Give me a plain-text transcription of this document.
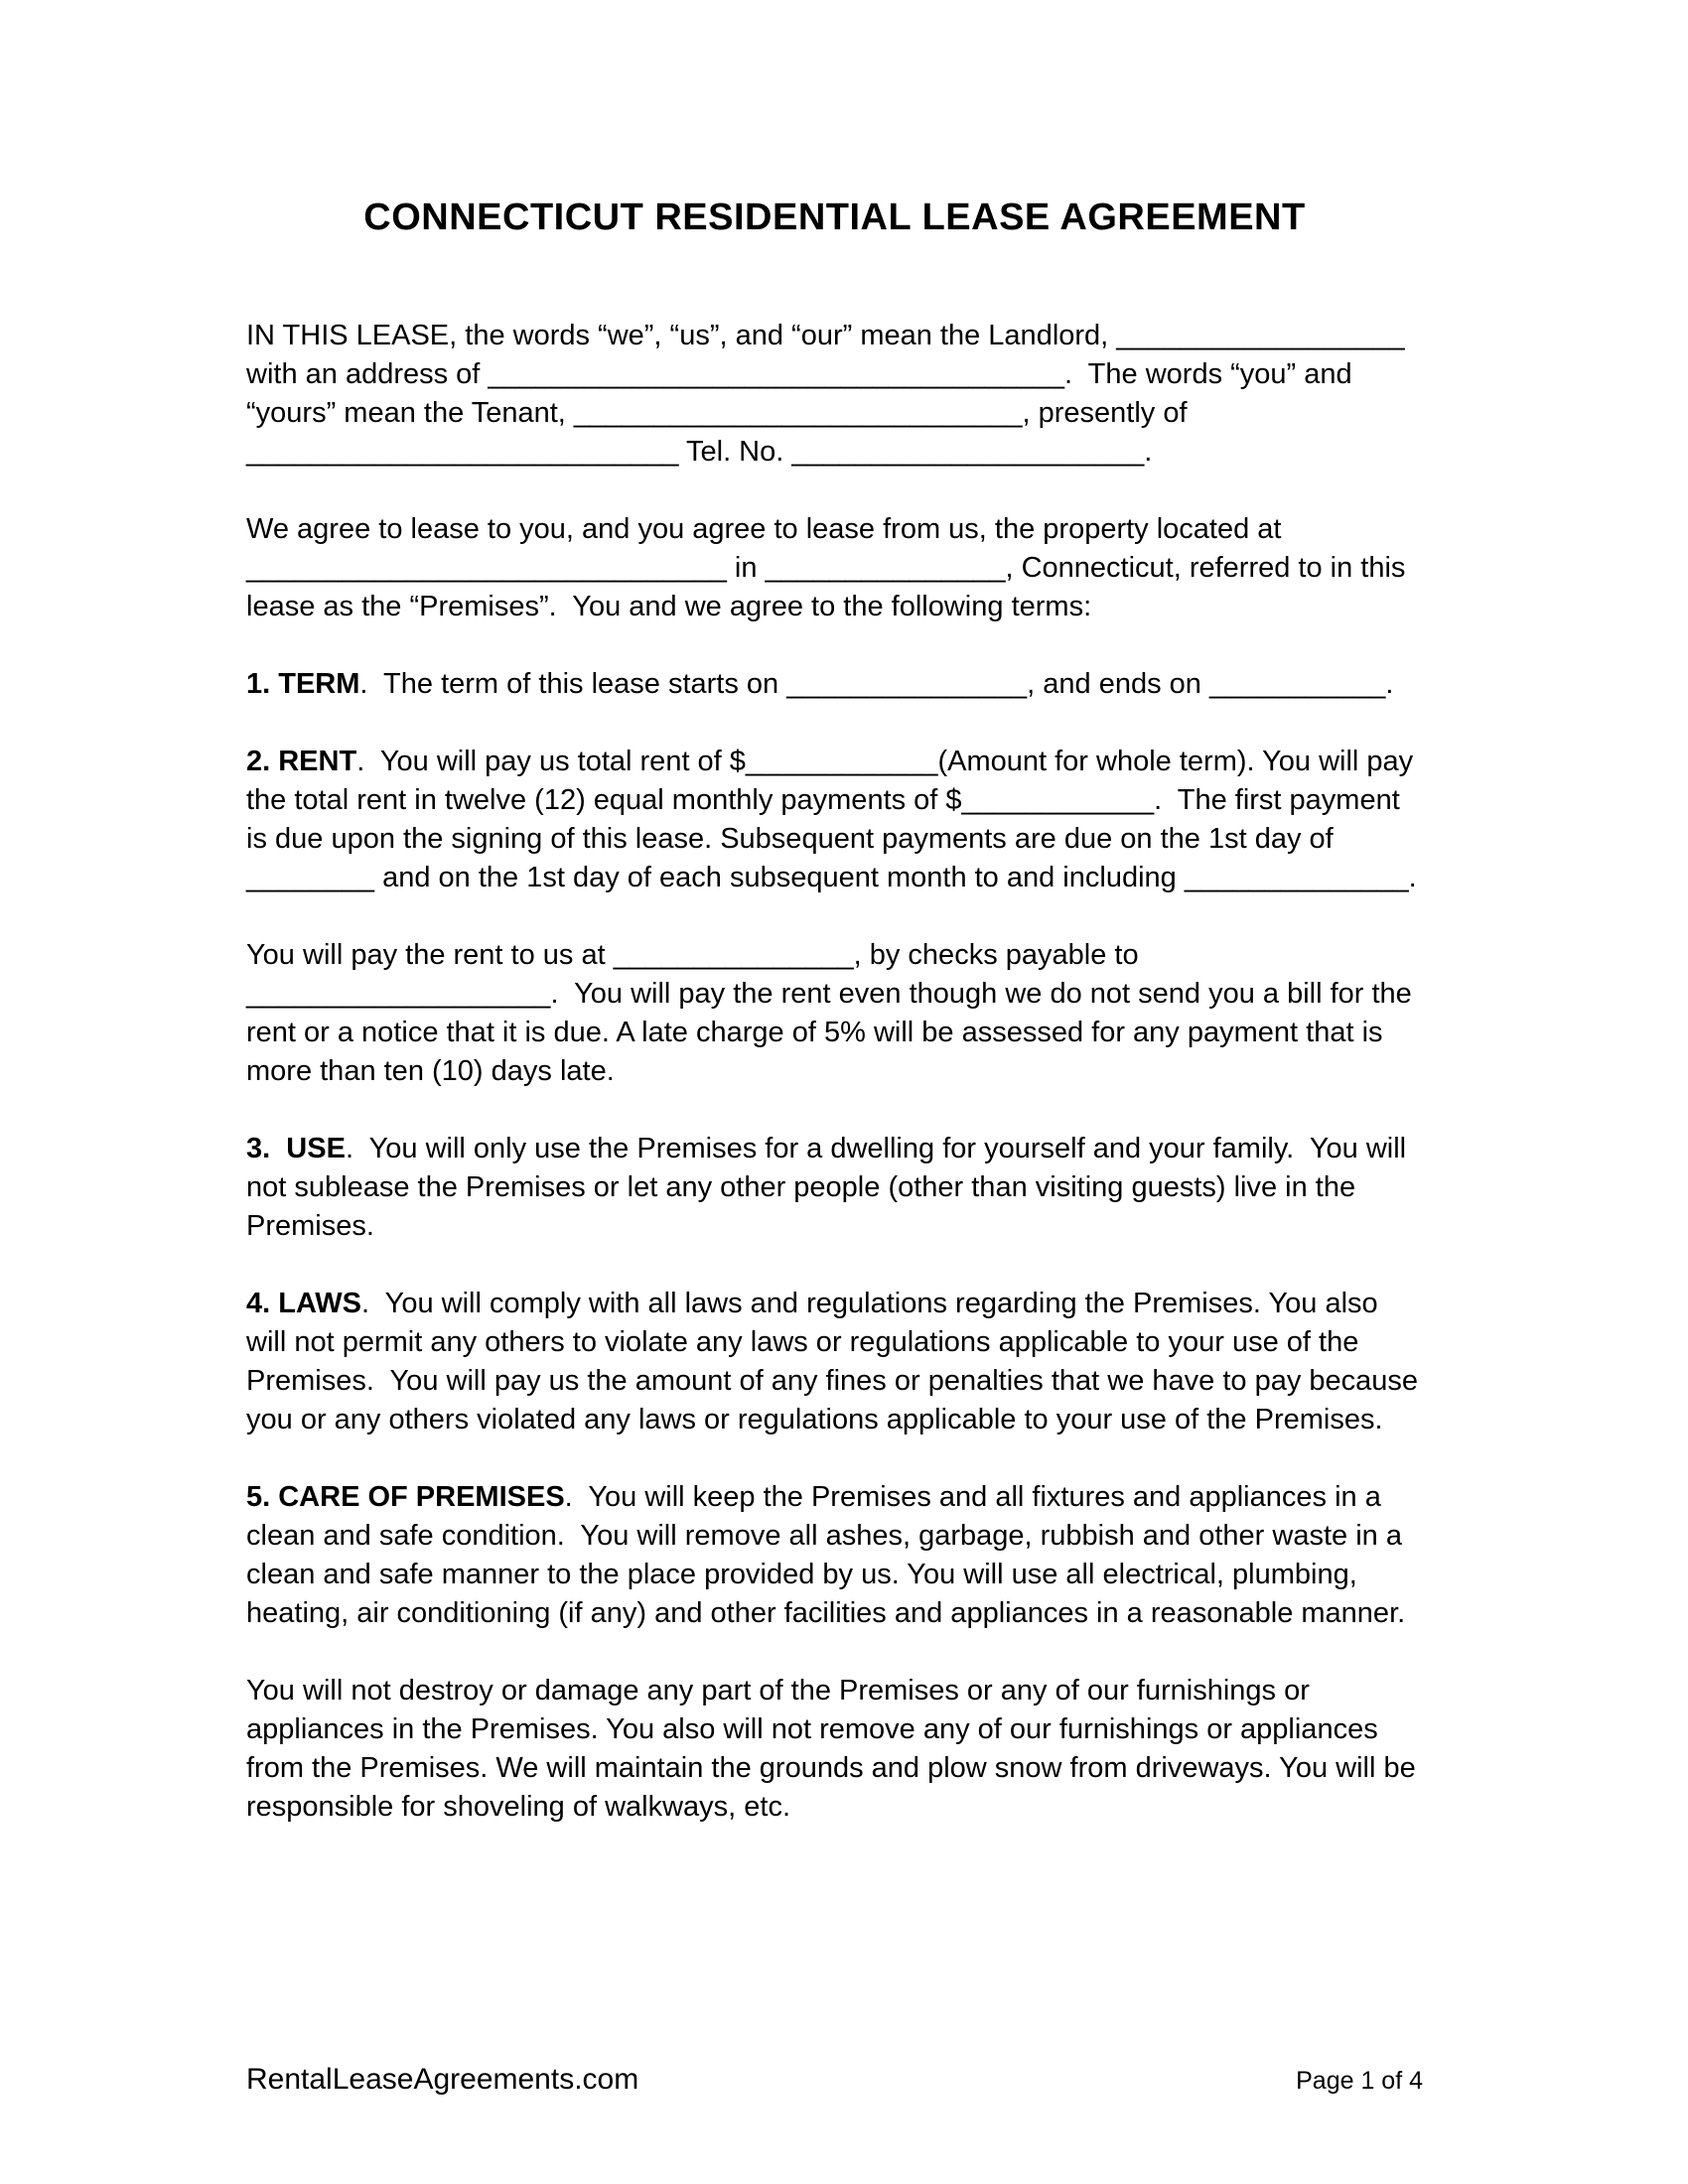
CONNECTICUT RESIDENTIAL LEASE AGREEMENT

IN THIS LEASE, the words “we”, “us”, and “our” mean the Landlord, __________________ with an address of ____________________________________.  The words “you” and “yours” mean the Tenant, ____________________________, presently of ___________________________ Tel. No. ______________________.

We agree to lease to you, and you agree to lease from us, the property located at ______________________________ in _______________, Connecticut, referred to in this lease as the “Premises”.  You and we agree to the following terms:

1. TERM.  The term of this lease starts on _______________, and ends on ___________.

2. RENT.  You will pay us total rent of $____________(Amount for whole term). You will pay the total rent in twelve (12) equal monthly payments of $____________.  The first payment is due upon the signing of this lease. Subsequent payments are due on the 1st day of ________ and on the 1st day of each subsequent month to and including ______________.

You will pay the rent to us at _______________, by checks payable to ___________________.  You will pay the rent even though we do not send you a bill for the rent or a notice that it is due. A late charge of 5% will be assessed for any payment that is more than ten (10) days late.

3.  USE.  You will only use the Premises for a dwelling for yourself and your family.  You will not sublease the Premises or let any other people (other than visiting guests) live in the Premises.

4. LAWS.  You will comply with all laws and regulations regarding the Premises. You also will not permit any others to violate any laws or regulations applicable to your use of the Premises.  You will pay us the amount of any fines or penalties that we have to pay because you or any others violated any laws or regulations applicable to your use of the Premises.

5. CARE OF PREMISES.  You will keep the Premises and all fixtures and appliances in a clean and safe condition.  You will remove all ashes, garbage, rubbish and other waste in a clean and safe manner to the place provided by us. You will use all electrical, plumbing, heating, air conditioning (if any) and other facilities and appliances in a reasonable manner.

You will not destroy or damage any part of the Premises or any of our furnishings or appliances in the Premises. You also will not remove any of our furnishings or appliances from the Premises. We will maintain the grounds and plow snow from driveways. You will be responsible for shoveling of walkways, etc.

RentalLeaseAgreements.com	Page 1 of 4
